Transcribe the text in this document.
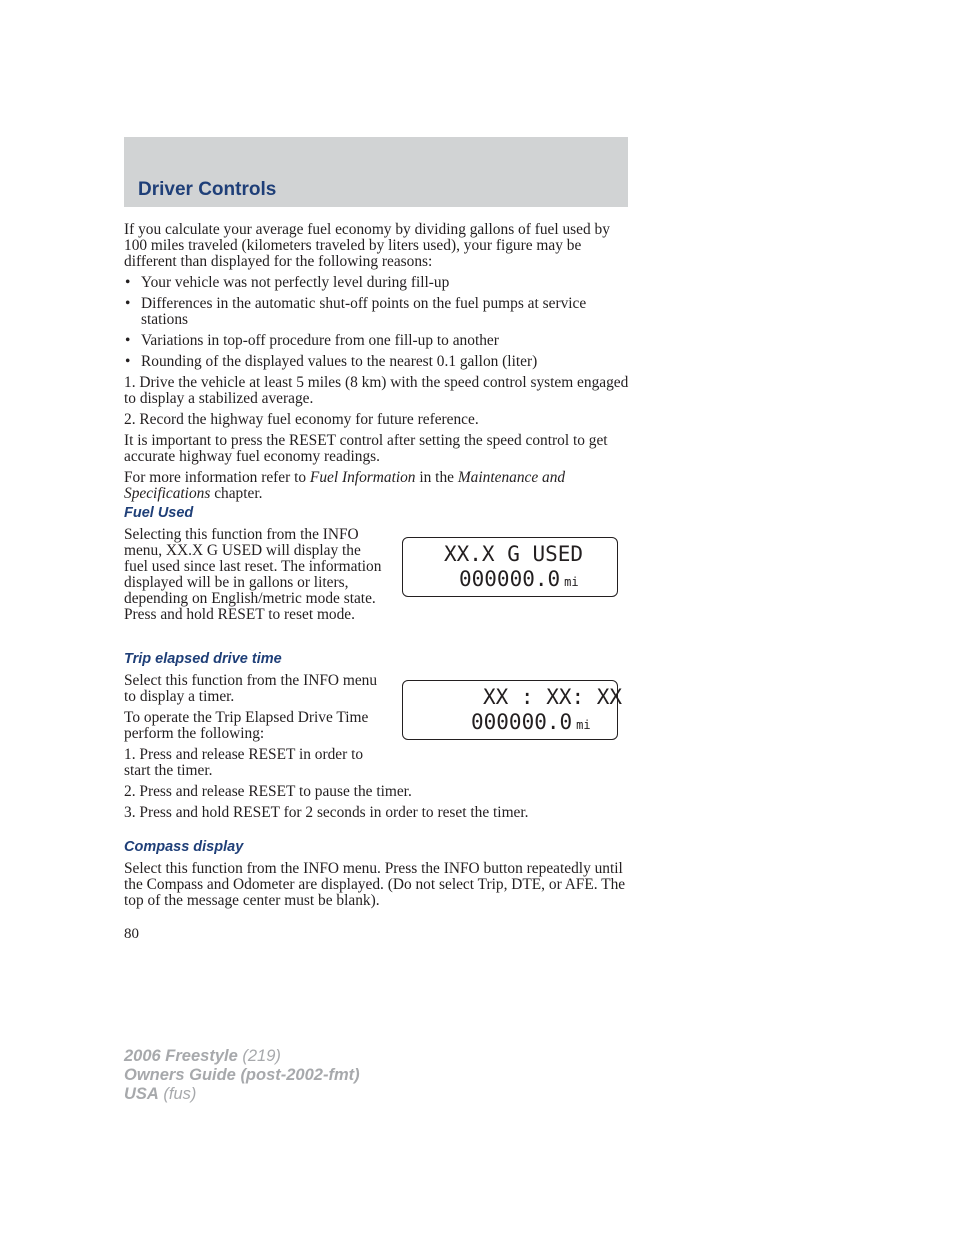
Driver Controls

If you calculate your average fuel economy by dividing gallons of fuel used by 100 miles traveled (kilometers traveled by liters used), your figure may be different than displayed for the following reasons:

• Your vehicle was not perfectly level during fill-up
• Differences in the automatic shut-off points on the fuel pumps at service stations
• Variations in top-off procedure from one fill-up to another
• Rounding of the displayed values to the nearest 0.1 gallon (liter)

1. Drive the vehicle at least 5 miles (8 km) with the speed control system engaged to display a stabilized average.

2. Record the highway fuel economy for future reference.

It is important to press the RESET control after setting the speed control to get accurate highway fuel economy readings.

For more information refer to Fuel Information in the Maintenance and Specifications chapter.

Fuel Used

Selecting this function from the INFO menu, XX.X G USED will display the fuel used since last reset. The information displayed will be in gallons or liters, depending on English/metric mode state. Press and hold RESET to reset mode.

XX.X G USED
000000.0 mi
Trip elapsed drive time

Select this function from the INFO menu to display a timer.

To operate the Trip Elapsed Drive Time perform the following:

1. Press and release RESET in order to start the timer.

2. Press and release RESET to pause the timer.

3. Press and hold RESET for 2 seconds in order to reset the timer.

XX : XX: XX
000000.0 mi
Compass display

Select this function from the INFO menu. Press the INFO button repeatedly until the Compass and Odometer are displayed. (Do not select Trip, DTE, or AFE. The top of the message center must be blank).

80
2006 Freestyle (219)
Owners Guide (post-2002-fmt)
USA (fus)
